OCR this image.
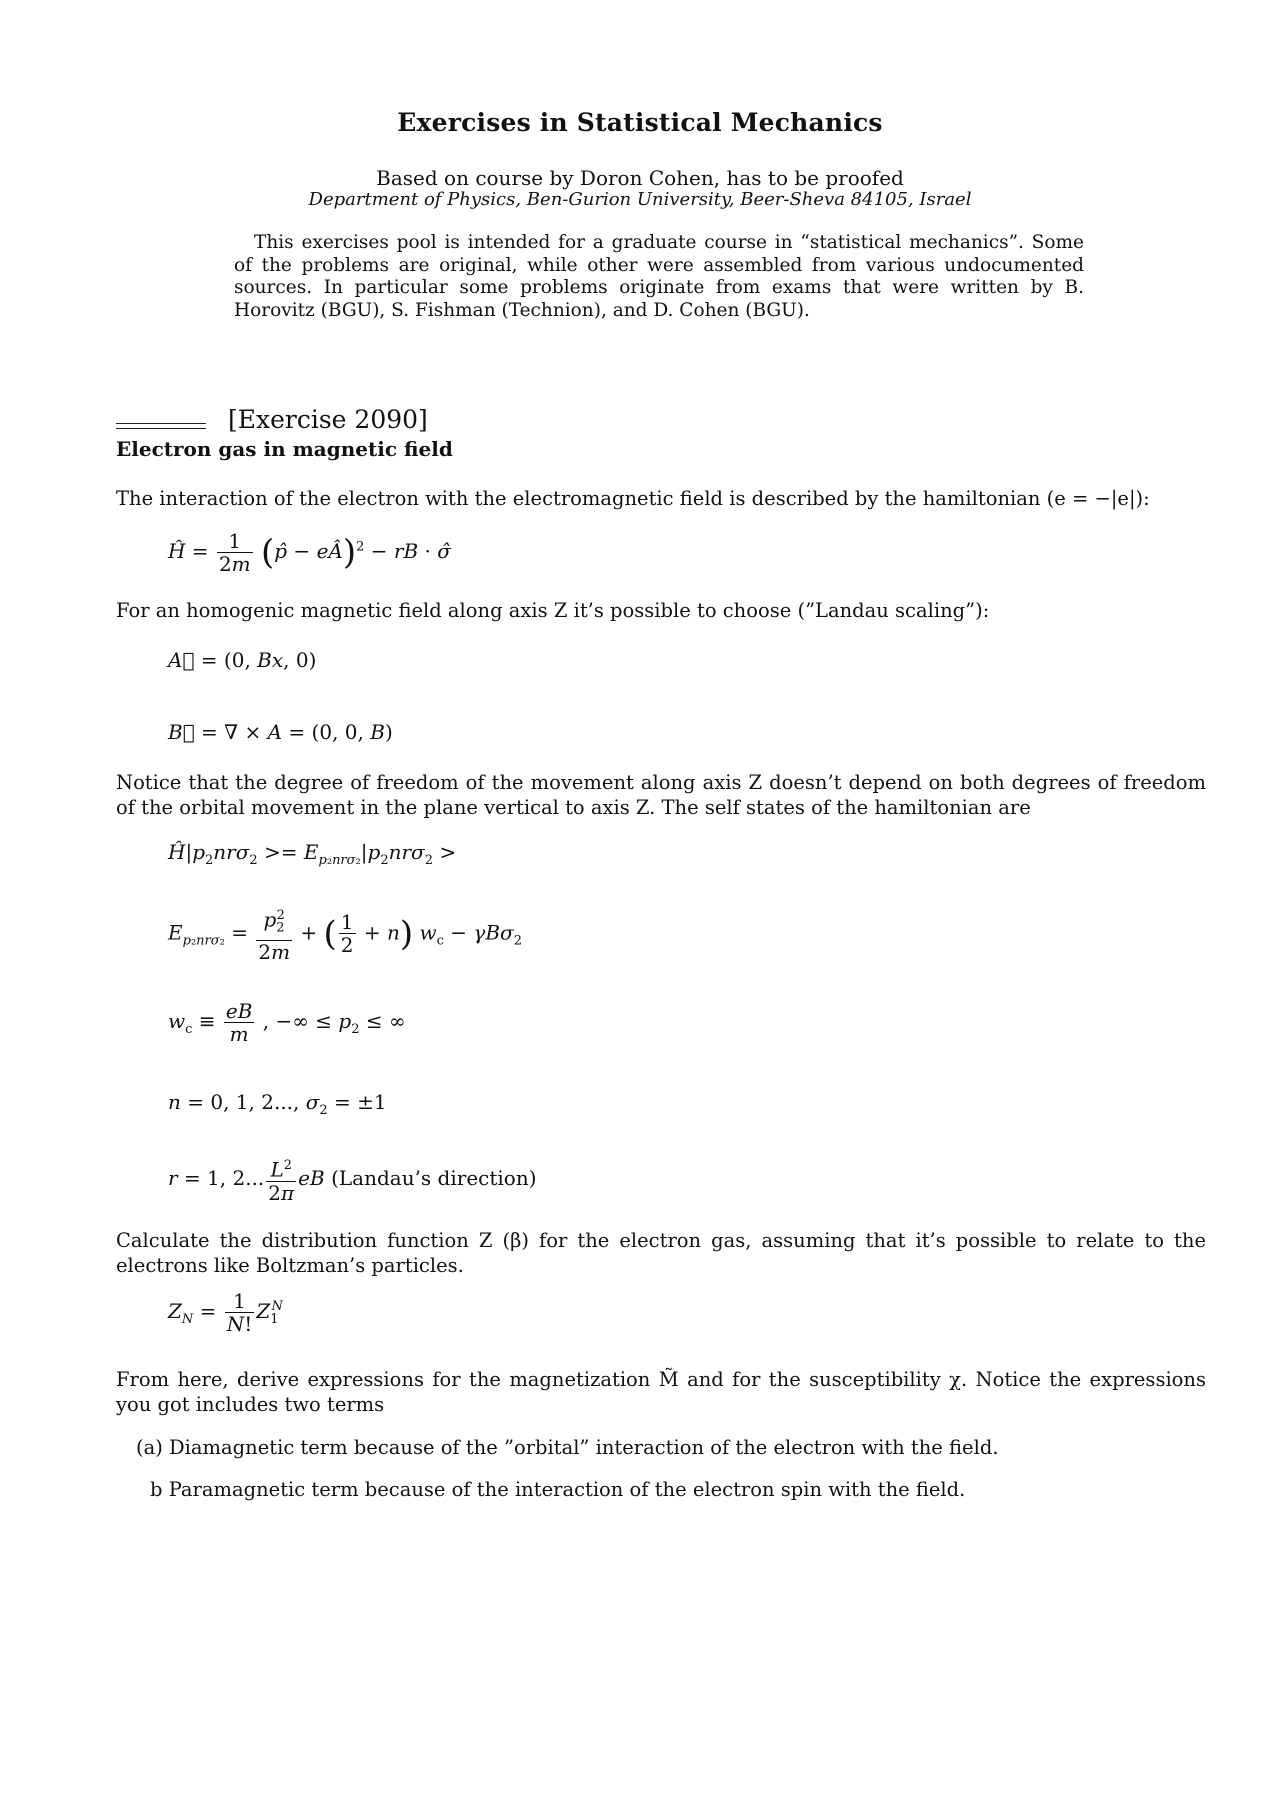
Exercises in Statistical Mechanics
Based on course by Doron Cohen, has to be proofed
Department of Physics, Ben-Gurion University, Beer-Sheva 84105, Israel
This exercises pool is intended for a graduate course in “statistical mechanics”. Some of the problems are original, while other were assembled from various undocumented sources. In particular some problems originate from exams that were written by B. Horovitz (BGU), S. Fishman (Technion), and D. Cohen (BGU).
[Exercise 2090]
Electron gas in magnetic field
The interaction of the electron with the electromagnetic field is described by the hamiltonian (e = −|e|):
Ĥ = $\frac{1}{2m}$ (p̂ − eÂ)$^2$ − rB · σ̂
For an homogenic magnetic field along axis Z it’s possible to choose (”Landau scaling”):
A⃗ = (0, Bx, 0)
B⃗ = ∇ × A = (0, 0, B)
Notice that the degree of freedom of the movement along axis Z doesn’t depend on both degrees of freedom of the orbital movement in the plane vertical to axis Z. The self states of the hamiltonian are
$Ĥ|p_2nr\sigma_2 >= E_{p_2nr\sigma_2}|p_2nr\sigma_2$ >
$E_{p_2nr\sigma_2} = \frac{p_2^2}{2m}$ + ( $\frac{1}{2} + n$) $w_c - \gamma B\sigma_2$
$w_c \equiv \frac{eB}{m}$ , −∞ ≤ $p_2$ ≤ ∞
n = 0, 1, 2..., $\sigma_2 = \pm 1$
r = 1, 2... $\frac{L^2}{2\pi}$ eB (Landau’s direction)
Calculate the distribution function Z (β) for the electron gas, assuming that it’s possible to relate to the electrons like Boltzman’s particles.
$Z_N = \frac{1}{N!} Z_1^N$
From here, derive expressions for the magnetization M̃ and for the susceptibility χ. Notice the expressions you got includes two terms
(a) Diamagnetic term because of the ”orbital” interaction of the electron with the field.
b Paramagnetic term because of the interaction of the electron spin with the field.
